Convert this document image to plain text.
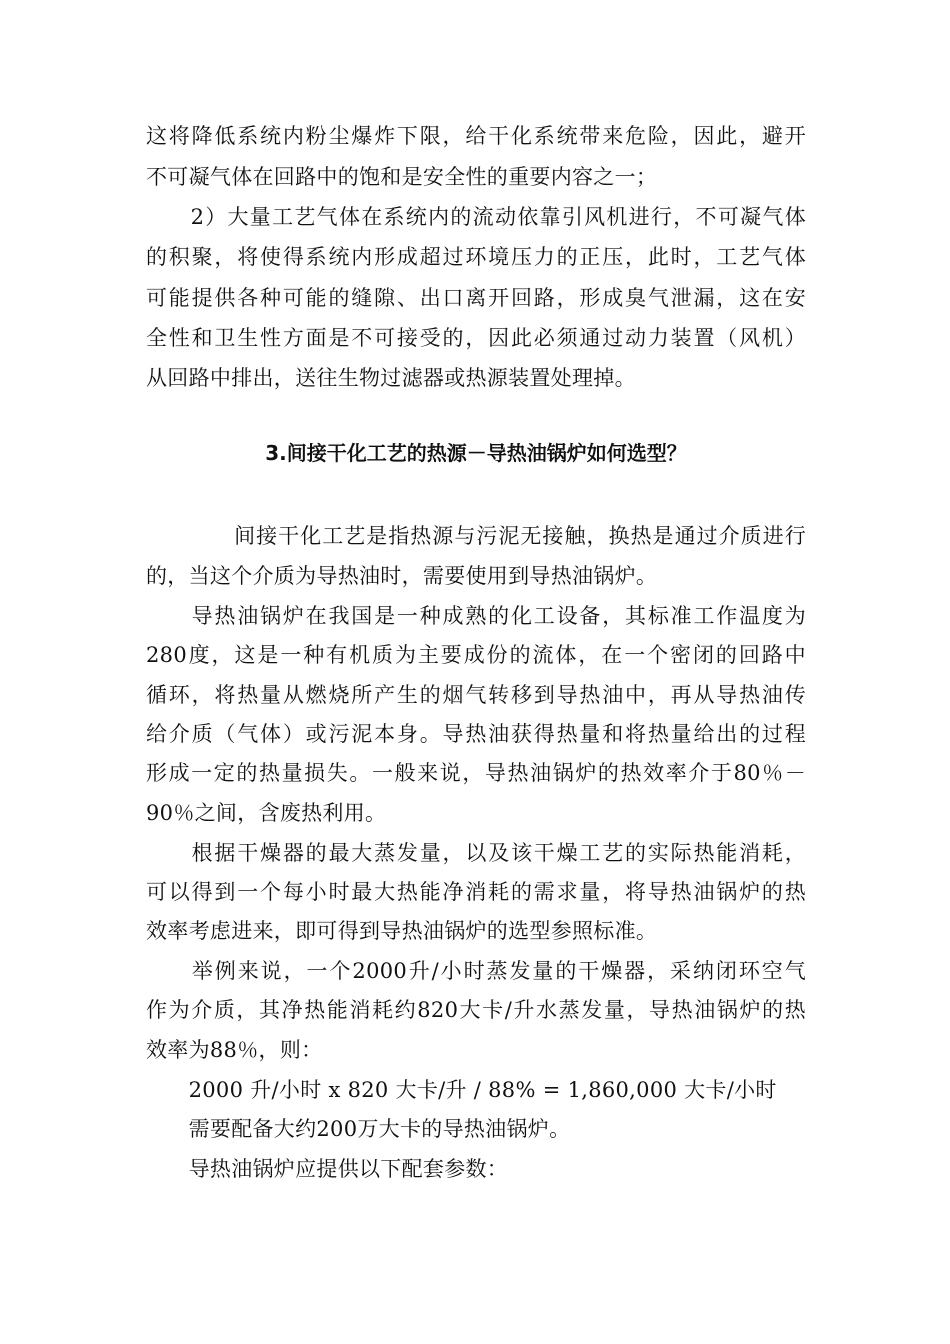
这将降低系统内粉尘爆炸下限，给干化系统带来危险，因此，避开
不可凝气体在回路中的饱和是安全性的重要内容之一；
　　2）大量工艺气体在系统内的流动依靠引风机进行，不可凝气体
的积聚，将使得系统内形成超过环境压力的正压，此时，工艺气体
可能提供各种可能的缝隙、出口离开回路，形成臭气泄漏，这在安
全性和卫生性方面是不可接受的，因此必须通过动力装置（风机）
从回路中排出，送往生物过滤器或热源装置处理掉。
3.间接干化工艺的热源－导热油锅炉如何选型？
　　　　间接干化工艺是指热源与污泥无接触，换热是通过介质进行
的，当这个介质为导热油时，需要使用到导热油锅炉。
　　导热油锅炉在我国是一种成熟的化工设备，其标准工作温度为
280度，这是一种有机质为主要成份的流体，在一个密闭的回路中
循环，将热量从燃烧所产生的烟气转移到导热油中，再从导热油传
给介质（气体）或污泥本身。导热油获得热量和将热量给出的过程
形成一定的热量损失。一般来说，导热油锅炉的热效率介于80％－
90％之间，含废热利用。
　　根据干燥器的最大蒸发量，以及该干燥工艺的实际热能消耗，
可以得到一个每小时最大热能净消耗的需求量，将导热油锅炉的热
效率考虑进来，即可得到导热油锅炉的选型参照标准。
　　举例来说，一个2000升/小时蒸发量的干燥器，采纳闭环空气
作为介质，其净热能消耗约820大卡/升水蒸发量，导热油锅炉的热
效率为88％，则：
　　2000 升/小时 x 820 大卡/升 / 88% = 1,860,000 大卡/小时
　　需要配备大约200万大卡的导热油锅炉。
　　导热油锅炉应提供以下配套参数：
